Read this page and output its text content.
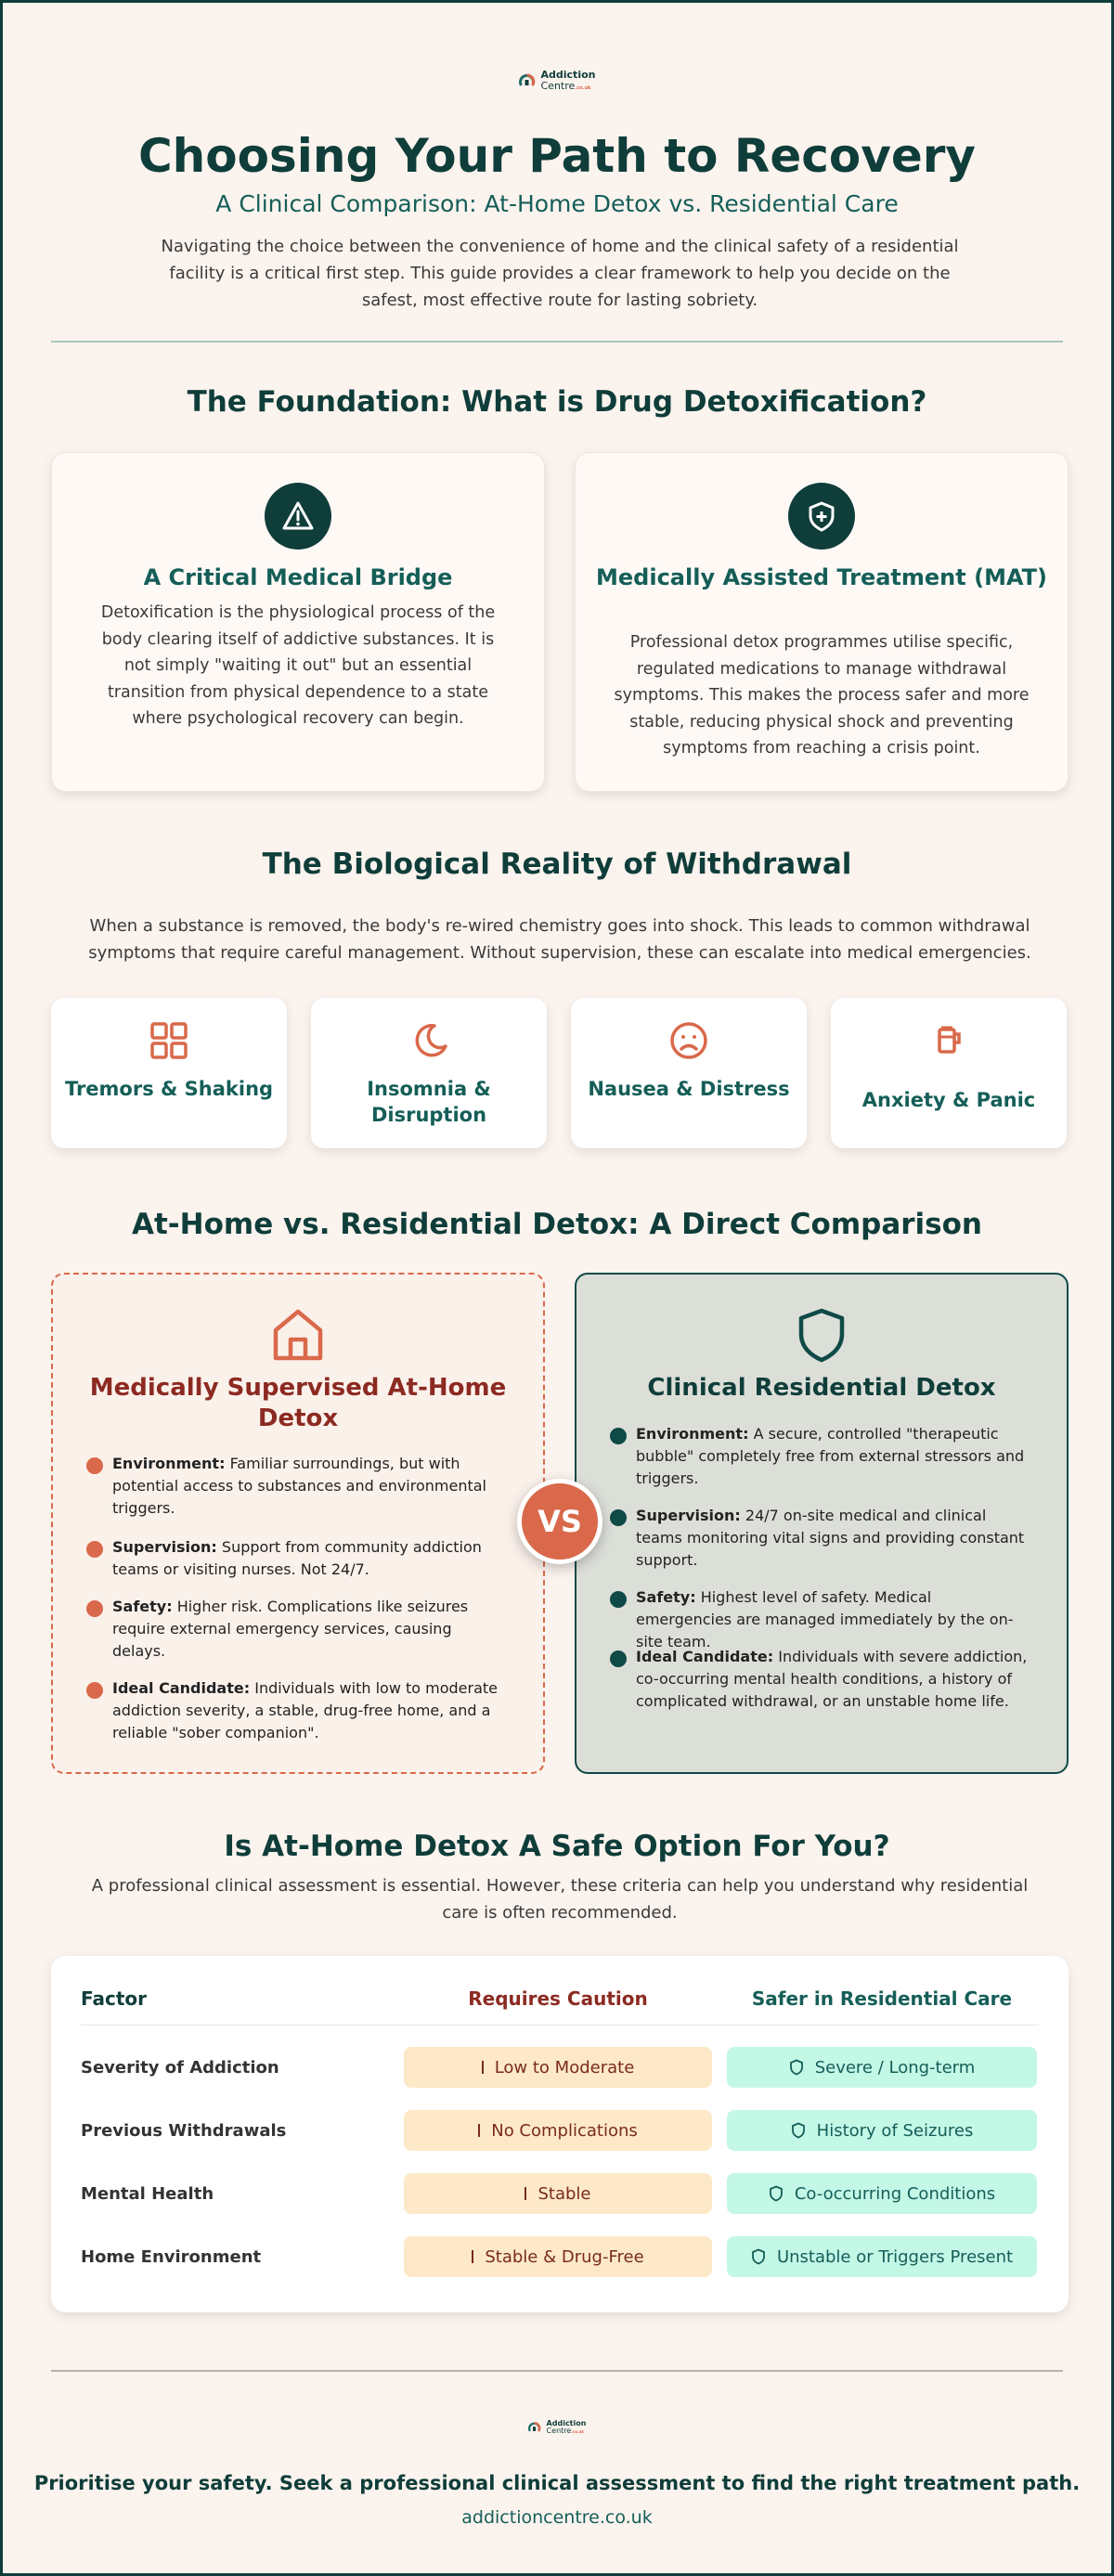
Addiction
Centre.co.uk
Choosing Your Path to Recovery
A Clinical Comparison: At-Home Detox vs. Residential Care
Navigating the choice between the convenience of home and the clinical safety of a residential facility is a critical first step. This guide provides a clear framework to help you decide on the safest, most effective route for lasting sobriety.
The Foundation: What is Drug Detoxification?
A Critical Medical Bridge

Detoxification is the physiological process of the body clearing itself of addictive substances. It is not simply "waiting it out" but an essential transition from physical dependence to a state where psychological recovery can begin.

Medically Assisted Treatment (MAT)

Professional detox programmes utilise specific, regulated medications to manage withdrawal symptoms. This makes the process safer and more stable, reducing physical shock and preventing symptoms from reaching a crisis point.

The Biological Reality of Withdrawal
When a substance is removed, the body's re-wired chemistry goes into shock. This leads to common withdrawal symptoms that require careful management. Without supervision, these can escalate into medical emergencies.
Tremors & Shaking	Insomnia & Disruption
Nausea & Distress	Anxiety & Panic
At-Home vs. Residential Detox: A Direct Comparison
Medically Supervised At-Home Detox
Environment: Familiar surroundings, but with potential access to substances and environmental triggers.
Supervision: Support from community addiction teams or visiting nurses. Not 24/7.
Safety: Higher risk. Complications like seizures require external emergency services, causing delays.
Ideal Candidate: Individuals with low to moderate addiction severity, a stable, drug-free home, and a reliable "sober companion".
Clinical Residential Detox
Environment: A secure, controlled "therapeutic bubble" completely free from external stressors and triggers.
Supervision: 24/7 on-site medical and clinical teams monitoring vital signs and providing constant support.
Safety: Highest level of safety. Medical emergencies are managed immediately by the on-site team.
Ideal Candidate: Individuals with severe addiction, co-occurring mental health conditions, a history of complicated withdrawal, or an unstable home life.
VS
Is At-Home Detox A Safe Option For You?
A professional clinical assessment is essential. However, these criteria can help you understand why residential care is often recommended.
Factor	Requires Caution	Safer in Residential Care
Severity of Addiction	Low to Moderate	Severe / Long-term
Previous Withdrawals	No Complications	History of Seizures
Mental Health	Stable	Co-occurring Conditions
Home Environment	Stable & Drug-Free	Unstable or Triggers Present
Addiction
Centre.co.uk
Prioritise your safety. Seek a professional clinical assessment to find the right treatment path.
addictioncentre.co.uk
